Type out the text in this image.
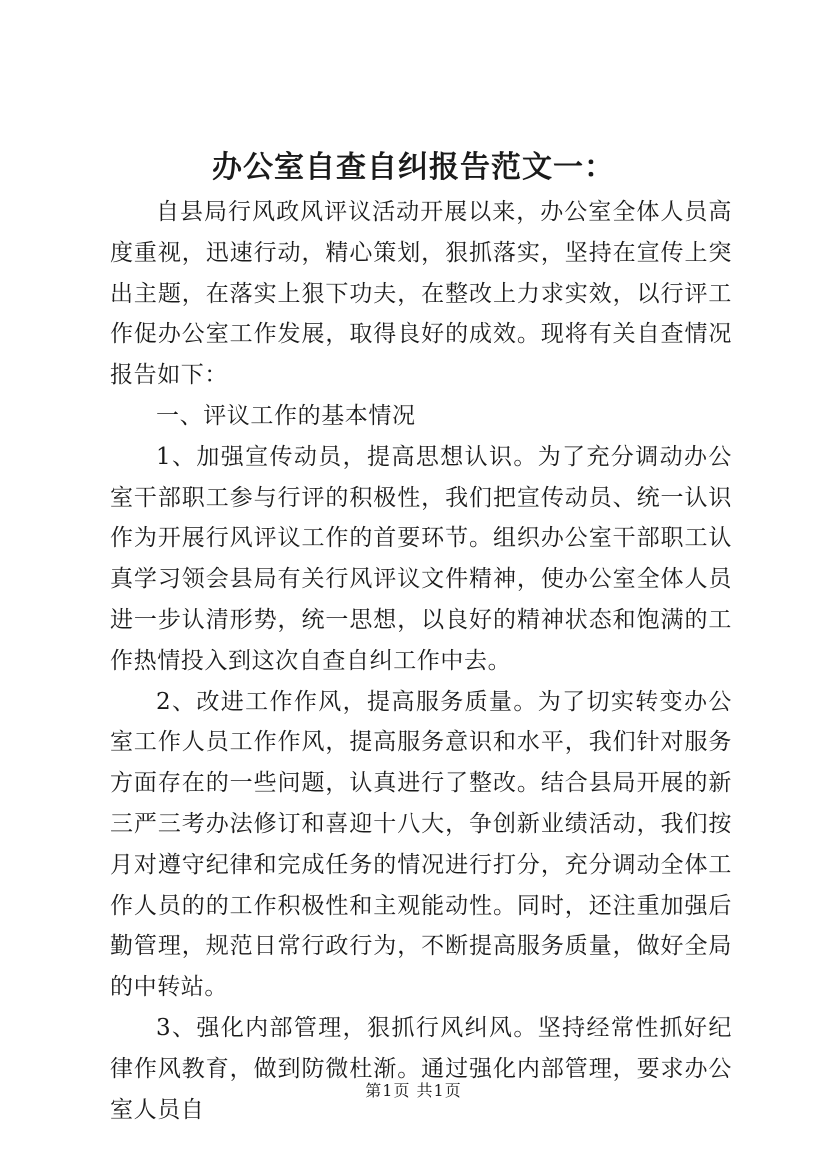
办公室自查自纠报告范文一：

自县局行风政风评议活动开展以来，办公室全体人员高度重视，迅速行动，精心策划，狠抓落实，坚持在宣传上突出主题，在落实上狠下功夫，在整改上力求实效，以行评工作促办公室工作发展，取得良好的成效。现将有关自查情况报告如下：

一、评议工作的基本情况

1、加强宣传动员，提高思想认识。为了充分调动办公室干部职工参与行评的积极性，我们把宣传动员、统一认识作为开展行风评议工作的首要环节。组织办公室干部职工认真学习领会县局有关行风评议文件精神，使办公室全体人员进一步认清形势，统一思想，以良好的精神状态和饱满的工作热情投入到这次自查自纠工作中去。

2、改进工作作风，提高服务质量。为了切实转变办公室工作人员工作作风，提高服务意识和水平，我们针对服务方面存在的一些问题，认真进行了整改。结合县局开展的新三严三考办法修订和喜迎十八大，争创新业绩活动，我们按月对遵守纪律和完成任务的情况进行打分，充分调动全体工作人员的的工作积极性和主观能动性。同时，还注重加强后勤管理，规范日常行政行为，不断提高服务质量，做好全局的中转站。

3、强化内部管理，狠抓行风纠风。坚持经常性抓好纪律作风教育，做到防微杜渐。通过强化内部管理，要求办公室人员自

第1页 共1页
